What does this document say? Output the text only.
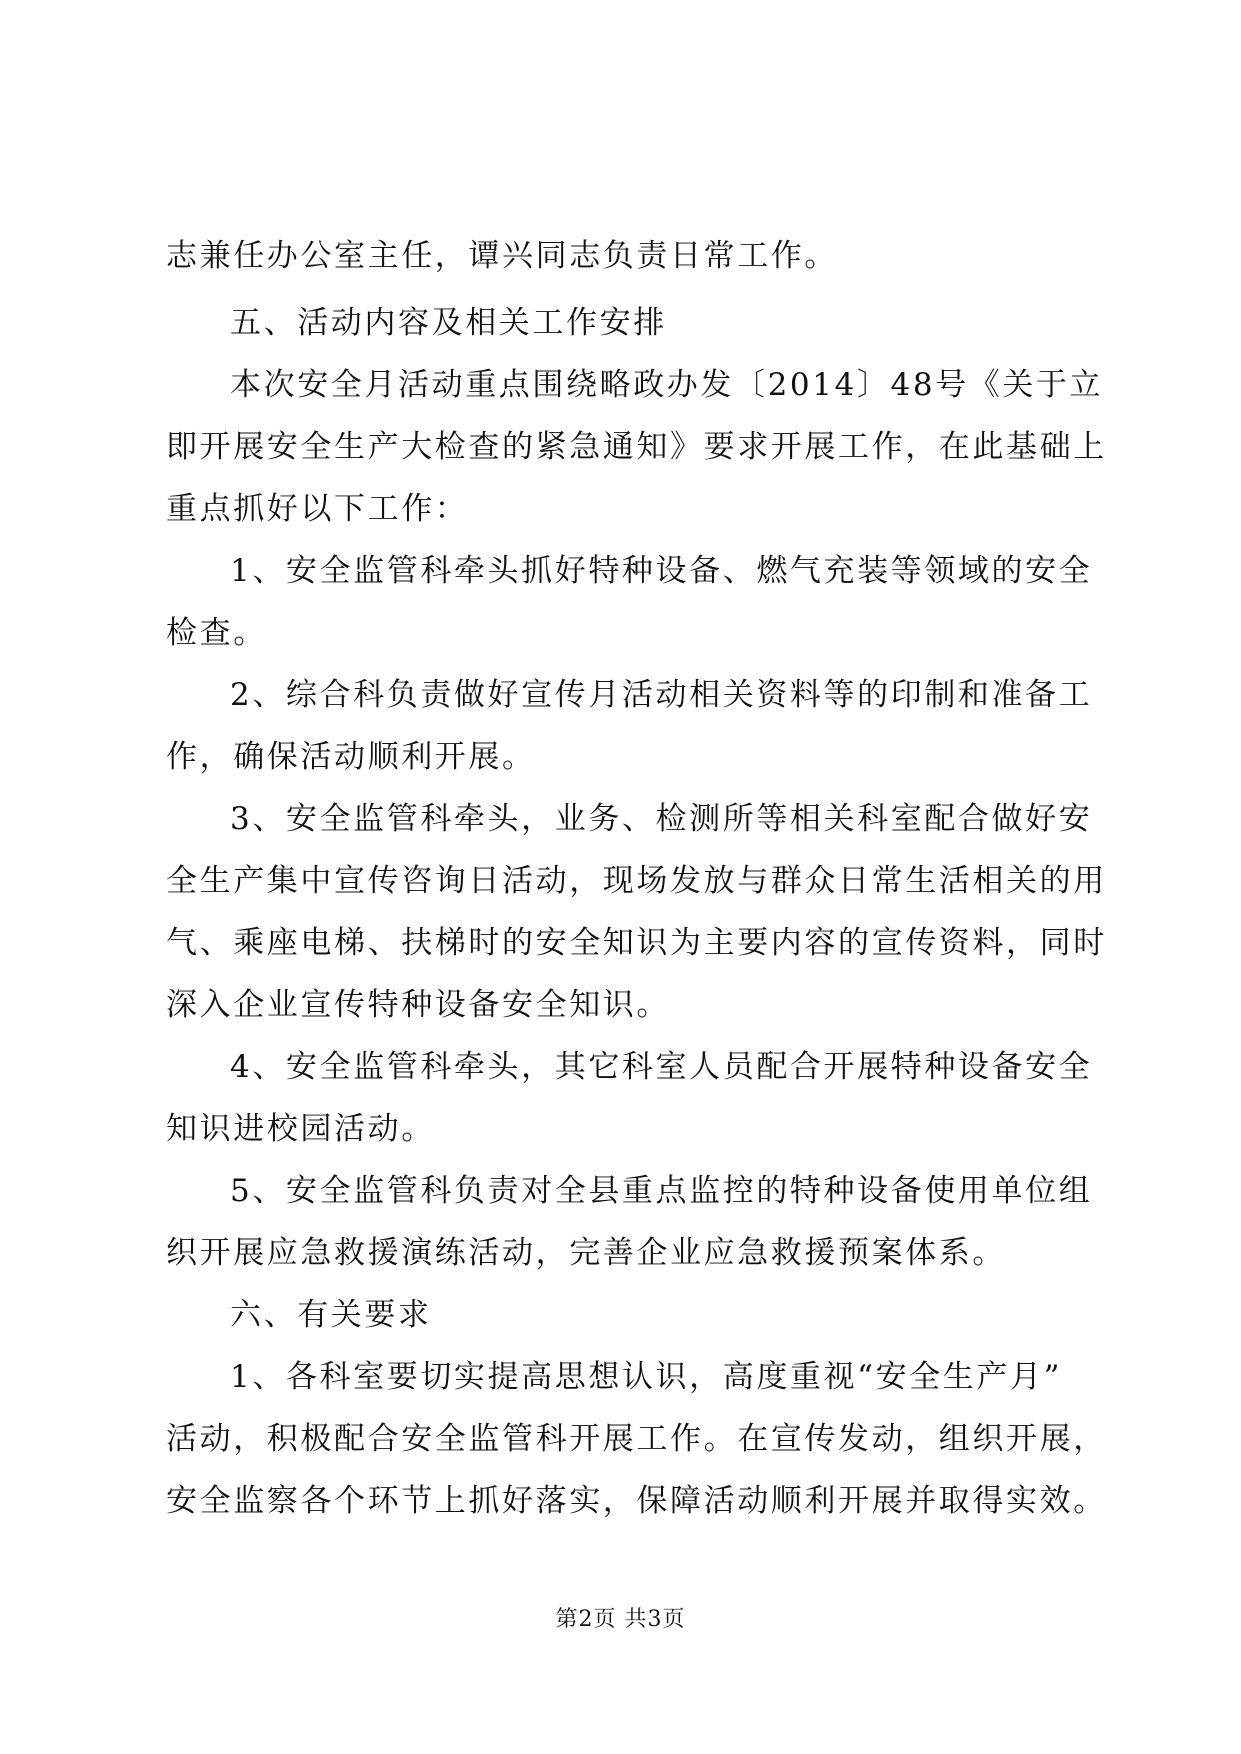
志兼任办公室主任，谭兴同志负责日常工作。
五、活动内容及相关工作安排
本次安全月活动重点围绕略政办发〔2014〕48号《关于立
即开展安全生产大检查的紧急通知》要求开展工作，在此基础上
重点抓好以下工作：
1、安全监管科牵头抓好特种设备、燃气充装等领域的安全
检查。
2、综合科负责做好宣传月活动相关资料等的印制和准备工
作，确保活动顺利开展。
3、安全监管科牵头，业务、检测所等相关科室配合做好安
全生产集中宣传咨询日活动，现场发放与群众日常生活相关的用
气、乘座电梯、扶梯时的安全知识为主要内容的宣传资料，同时
深入企业宣传特种设备安全知识。
4、安全监管科牵头，其它科室人员配合开展特种设备安全
知识进校园活动。
5、安全监管科负责对全县重点监控的特种设备使用单位组
织开展应急救援演练活动，完善企业应急救援预案体系。
六、有关要求
1、各科室要切实提高思想认识，高度重视“安全生产月”
活动，积极配合安全监管科开展工作。在宣传发动，组织开展，
安全监察各个环节上抓好落实，保障活动顺利开展并取得实效。
第2页 共3页
